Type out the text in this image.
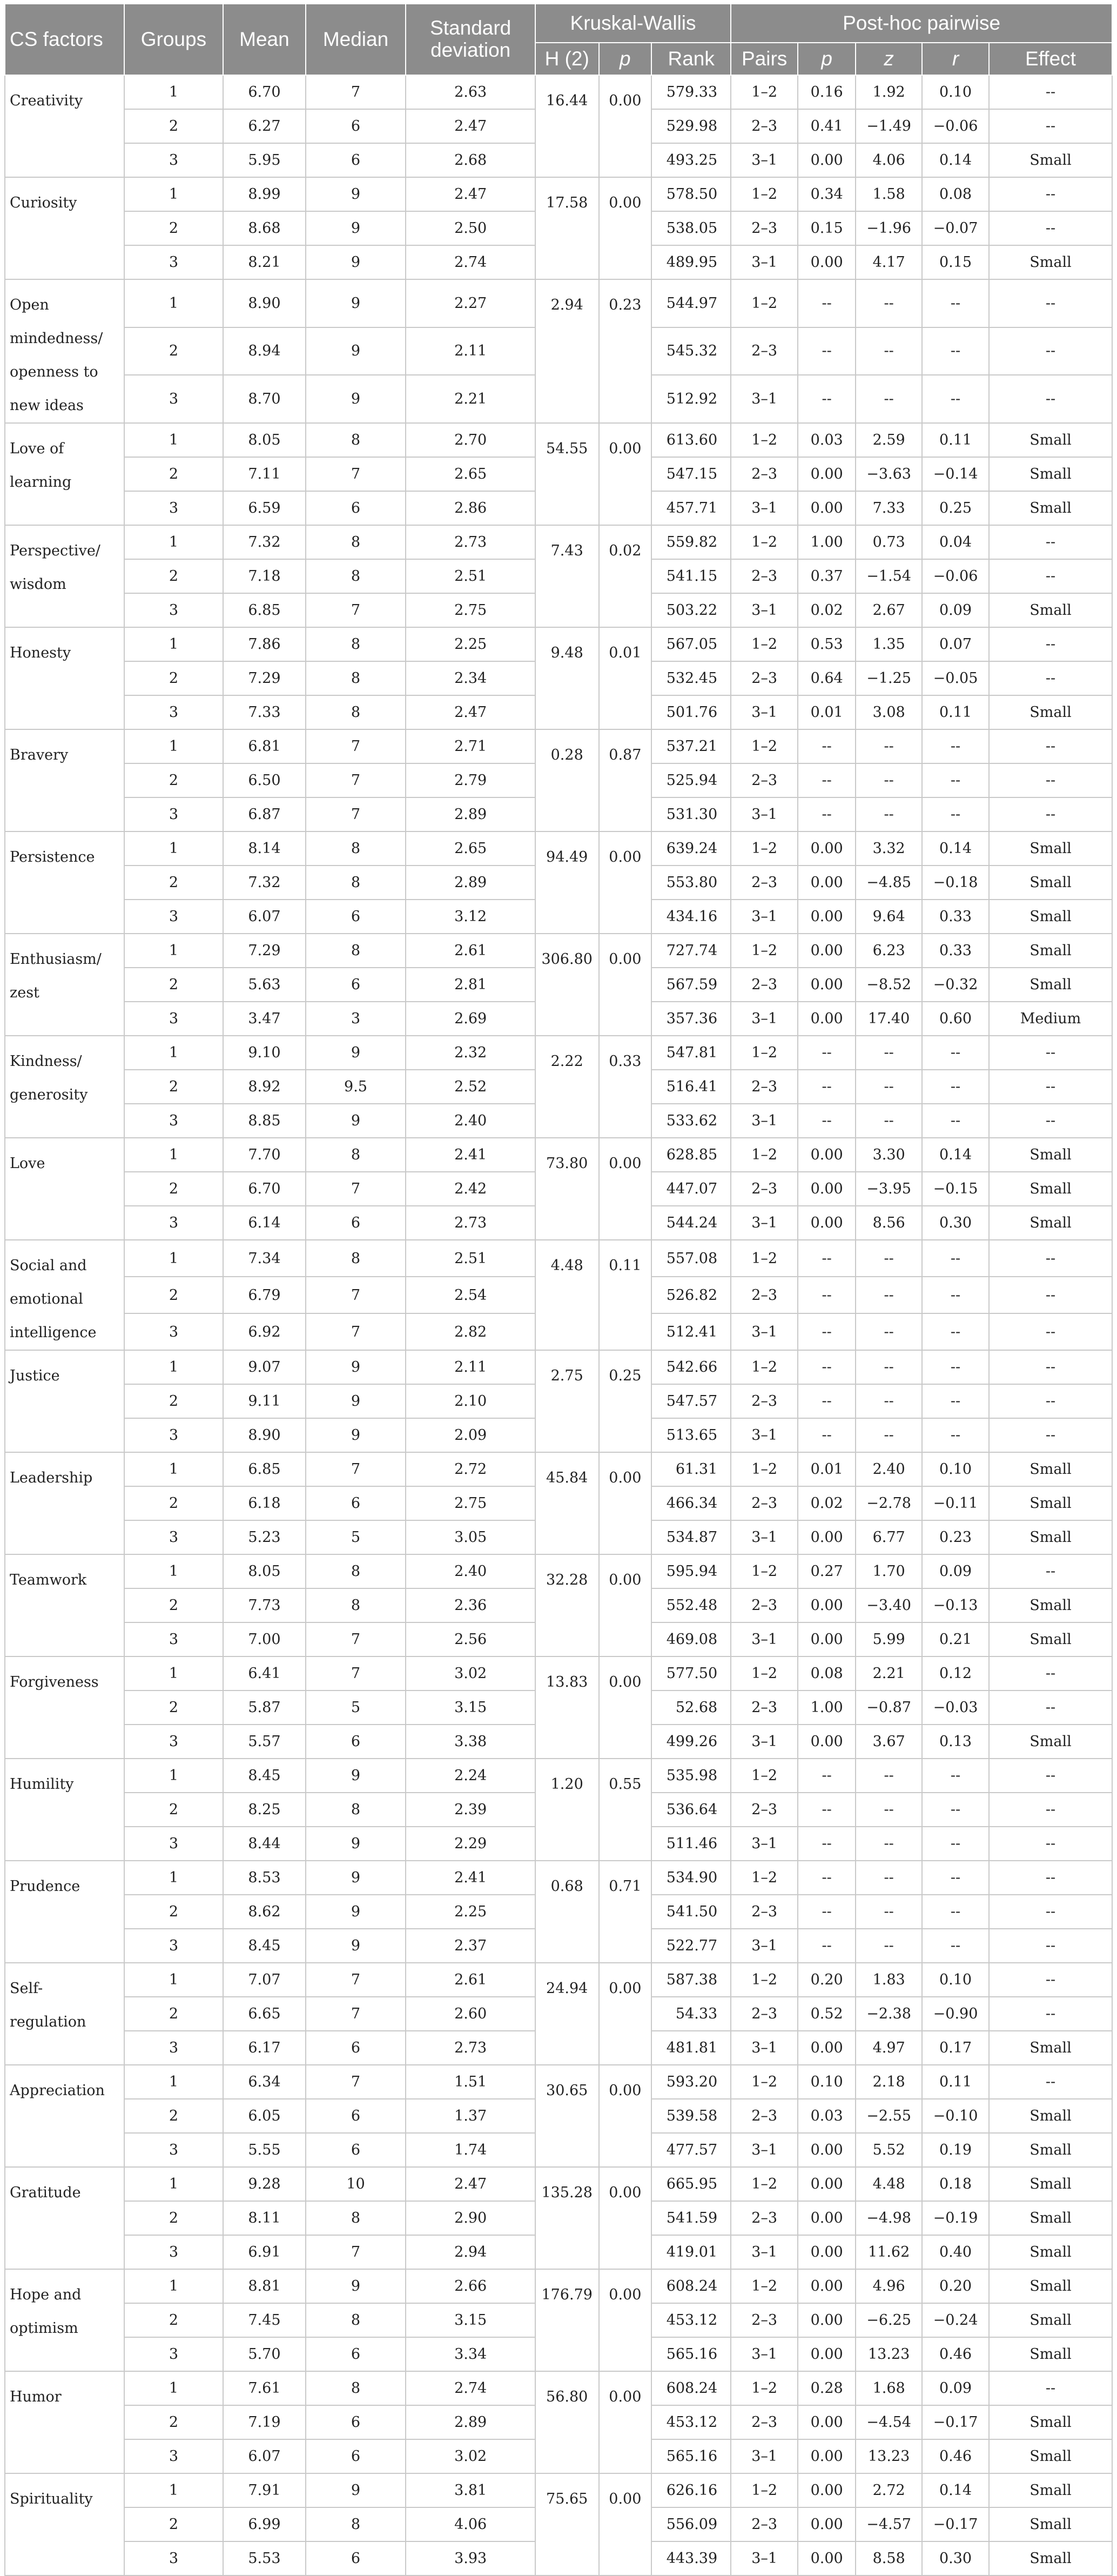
CS factors	Groups	Mean	Median	Standard deviation	Kruskal-Wallis			Post-hoc pairwise				
					H (2)	p	Rank	Pairs	p	z	r	Effect
Creativity	1	6.70	7	2.63	16.44	0.00	579.33	1–2	0.16	1.92	0.10	--
	2	6.27	6	2.47			529.98	2–3	0.41	−1.49	−0.06	--
	3	5.95	6	2.68			493.25	3–1	0.00	4.06	0.14	Small
Curiosity	1	8.99	9	2.47	17.58	0.00	578.50	1–2	0.34	1.58	0.08	--
	2	8.68	9	2.50			538.05	2–3	0.15	−1.96	−0.07	--
	3	8.21	9	2.74			489.95	3–1	0.00	4.17	0.15	Small
Open mindedness/ openness to new ideas	1	8.90	9	2.27	2.94	0.23	544.97	1–2	--	--	--	--
	2	8.94	9	2.11			545.32	2–3	--	--	--	--
	3	8.70	9	2.21			512.92	3–1	--	--	--	--
Love of learning	1	8.05	8	2.70	54.55	0.00	613.60	1–2	0.03	2.59	0.11	Small
	2	7.11	7	2.65			547.15	2–3	0.00	−3.63	−0.14	Small
	3	6.59	6	2.86			457.71	3–1	0.00	7.33	0.25	Small
Perspective/ wisdom	1	7.32	8	2.73	7.43	0.02	559.82	1–2	1.00	0.73	0.04	--
	2	7.18	8	2.51			541.15	2–3	0.37	−1.54	−0.06	--
	3	6.85	7	2.75			503.22	3–1	0.02	2.67	0.09	Small
Honesty	1	7.86	8	2.25	9.48	0.01	567.05	1–2	0.53	1.35	0.07	--
	2	7.29	8	2.34			532.45	2–3	0.64	−1.25	−0.05	--
	3	7.33	8	2.47			501.76	3–1	0.01	3.08	0.11	Small
Bravery	1	6.81	7	2.71	0.28	0.87	537.21	1–2	--	--	--	--
	2	6.50	7	2.79			525.94	2–3	--	--	--	--
	3	6.87	7	2.89			531.30	3–1	--	--	--	--
Persistence	1	8.14	8	2.65	94.49	0.00	639.24	1–2	0.00	3.32	0.14	Small
	2	7.32	8	2.89			553.80	2–3	0.00	−4.85	−0.18	Small
	3	6.07	6	3.12			434.16	3–1	0.00	9.64	0.33	Small
Enthusiasm/ zest	1	7.29	8	2.61	306.80	0.00	727.74	1–2	0.00	6.23	0.33	Small
	2	5.63	6	2.81			567.59	2–3	0.00	−8.52	−0.32	Small
	3	3.47	3	2.69			357.36	3–1	0.00	17.40	0.60	Medium
Kindness/ generosity	1	9.10	9	2.32	2.22	0.33	547.81	1–2	--	--	--	--
	2	8.92	9.5	2.52			516.41	2–3	--	--	--	--
	3	8.85	9	2.40			533.62	3–1	--	--	--	--
Love	1	7.70	8	2.41	73.80	0.00	628.85	1–2	0.00	3.30	0.14	Small
	2	6.70	7	2.42			447.07	2–3	0.00	−3.95	−0.15	Small
	3	6.14	6	2.73			544.24	3–1	0.00	8.56	0.30	Small
Social and emotional intelligence	1	7.34	8	2.51	4.48	0.11	557.08	1–2	--	--	--	--
	2	6.79	7	2.54			526.82	2–3	--	--	--	--
	3	6.92	7	2.82			512.41	3–1	--	--	--	--
Justice	1	9.07	9	2.11	2.75	0.25	542.66	1–2	--	--	--	--
	2	9.11	9	2.10			547.57	2–3	--	--	--	--
	3	8.90	9	2.09			513.65	3–1	--	--	--	--
Leadership	1	6.85	7	2.72	45.84	0.00	61.31	1–2	0.01	2.40	0.10	Small
	2	6.18	6	2.75			466.34	2–3	0.02	−2.78	−0.11	Small
	3	5.23	5	3.05			534.87	3–1	0.00	6.77	0.23	Small
Teamwork	1	8.05	8	2.40	32.28	0.00	595.94	1–2	0.27	1.70	0.09	--
	2	7.73	8	2.36			552.48	2–3	0.00	−3.40	−0.13	Small
	3	7.00	7	2.56			469.08	3–1	0.00	5.99	0.21	Small
Forgiveness	1	6.41	7	3.02	13.83	0.00	577.50	1–2	0.08	2.21	0.12	--
	2	5.87	5	3.15			52.68	2–3	1.00	−0.87	−0.03	--
	3	5.57	6	3.38			499.26	3–1	0.00	3.67	0.13	Small
Humility	1	8.45	9	2.24	1.20	0.55	535.98	1–2	--	--	--	--
	2	8.25	8	2.39			536.64	2–3	--	--	--	--
	3	8.44	9	2.29			511.46	3–1	--	--	--	--
Prudence	1	8.53	9	2.41	0.68	0.71	534.90	1–2	--	--	--	--
	2	8.62	9	2.25			541.50	2–3	--	--	--	--
	3	8.45	9	2.37			522.77	3–1	--	--	--	--
Self-regulation	1	7.07	7	2.61	24.94	0.00	587.38	1–2	0.20	1.83	0.10	--
	2	6.65	7	2.60			54.33	2–3	0.52	−2.38	−0.90	--
	3	6.17	6	2.73			481.81	3–1	0.00	4.97	0.17	Small
Appreciation	1	6.34	7	1.51	30.65	0.00	593.20	1–2	0.10	2.18	0.11	--
	2	6.05	6	1.37			539.58	2–3	0.03	−2.55	−0.10	Small
	3	5.55	6	1.74			477.57	3–1	0.00	5.52	0.19	Small
Gratitude	1	9.28	10	2.47	135.28	0.00	665.95	1–2	0.00	4.48	0.18	Small
	2	8.11	8	2.90			541.59	2–3	0.00	−4.98	−0.19	Small
	3	6.91	7	2.94			419.01	3–1	0.00	11.62	0.40	Small
Hope and optimism	1	8.81	9	2.66	176.79	0.00	608.24	1–2	0.00	4.96	0.20	Small
	2	7.45	8	3.15			453.12	2–3	0.00	−6.25	−0.24	Small
	3	5.70	6	3.34			565.16	3–1	0.00	13.23	0.46	Small
Humor	1	7.61	8	2.74	56.80	0.00	608.24	1–2	0.28	1.68	0.09	--
	2	7.19	6	2.89			453.12	2–3	0.00	−4.54	−0.17	Small
	3	6.07	6	3.02			565.16	3–1	0.00	13.23	0.46	Small
Spirituality	1	7.91	9	3.81	75.65	0.00	626.16	1–2	0.00	2.72	0.14	Small
	2	6.99	8	4.06			556.09	2–3	0.00	−4.57	−0.17	Small
	3	5.53	6	3.93			443.39	3–1	0.00	8.58	0.30	Small
